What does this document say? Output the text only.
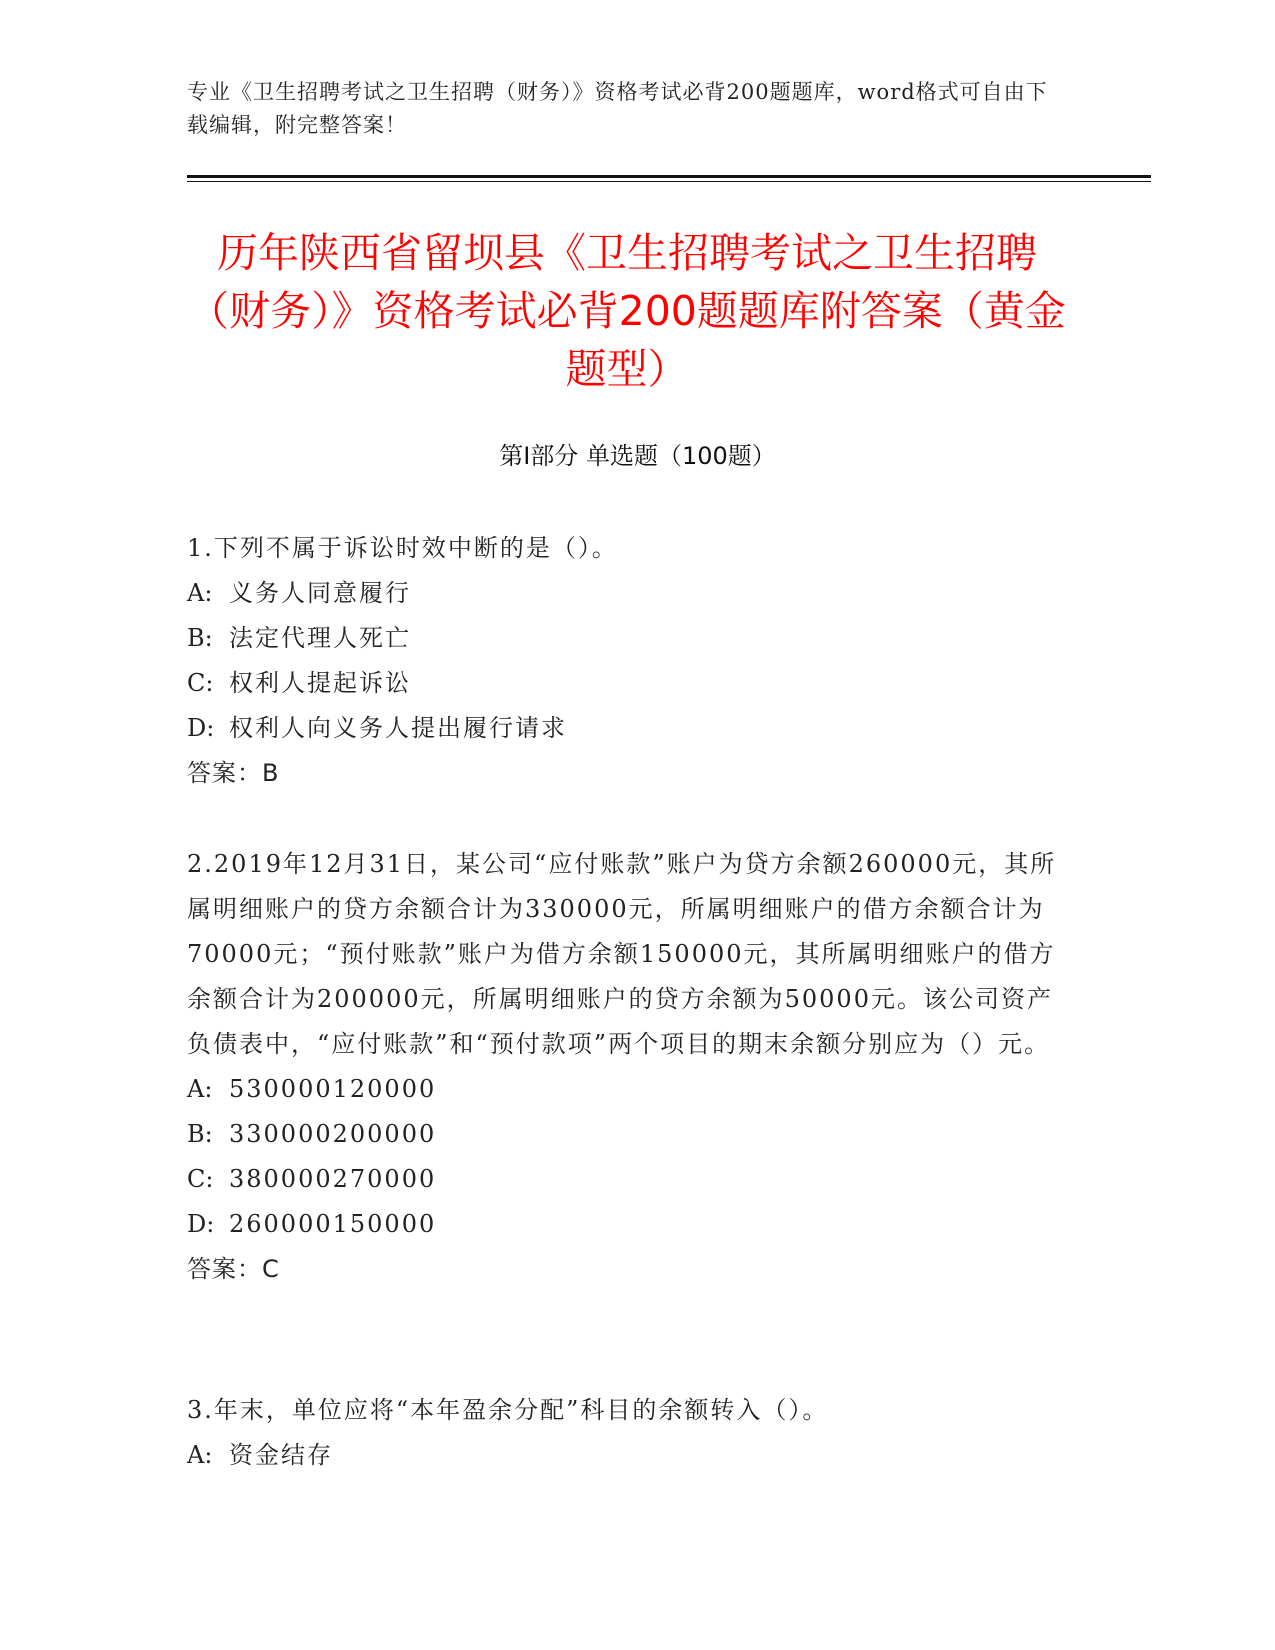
专业《卫生招聘考试之卫生招聘（财务）》资格考试必背200题题库，word格式可自由下载编辑，附完整答案！
历年陕西省留坝县《卫生招聘考试之卫生招聘（财务）》资格考试必背200题题库附答案（黄金题型）
第Ⅰ部分 单选题（100题）

1.下列不属于诉讼时效中断的是（）。

A: 义务人同意履行

B: 法定代理人死亡

C: 权利人提起诉讼

D: 权利人向义务人提出履行请求

答案：B

2.2019年12月31日，某公司“应付账款”账户为贷方余额260000元，其所属明细账户的贷方余额合计为330000元，所属明细账户的借方余额合计为70000元；“预付账款”账户为借方余额150000元，其所属明细账户的借方余额合计为200000元，所属明细账户的贷方余额为50000元。该公司资产负债表中，“应付账款”和“预付款项”两个项目的期末余额分别应为（）元。

A: 530000120000

B: 330000200000

C: 380000270000

D: 260000150000

答案：C

3.年末，单位应将“本年盈余分配”科目的余额转入（）。

A: 资金结存
